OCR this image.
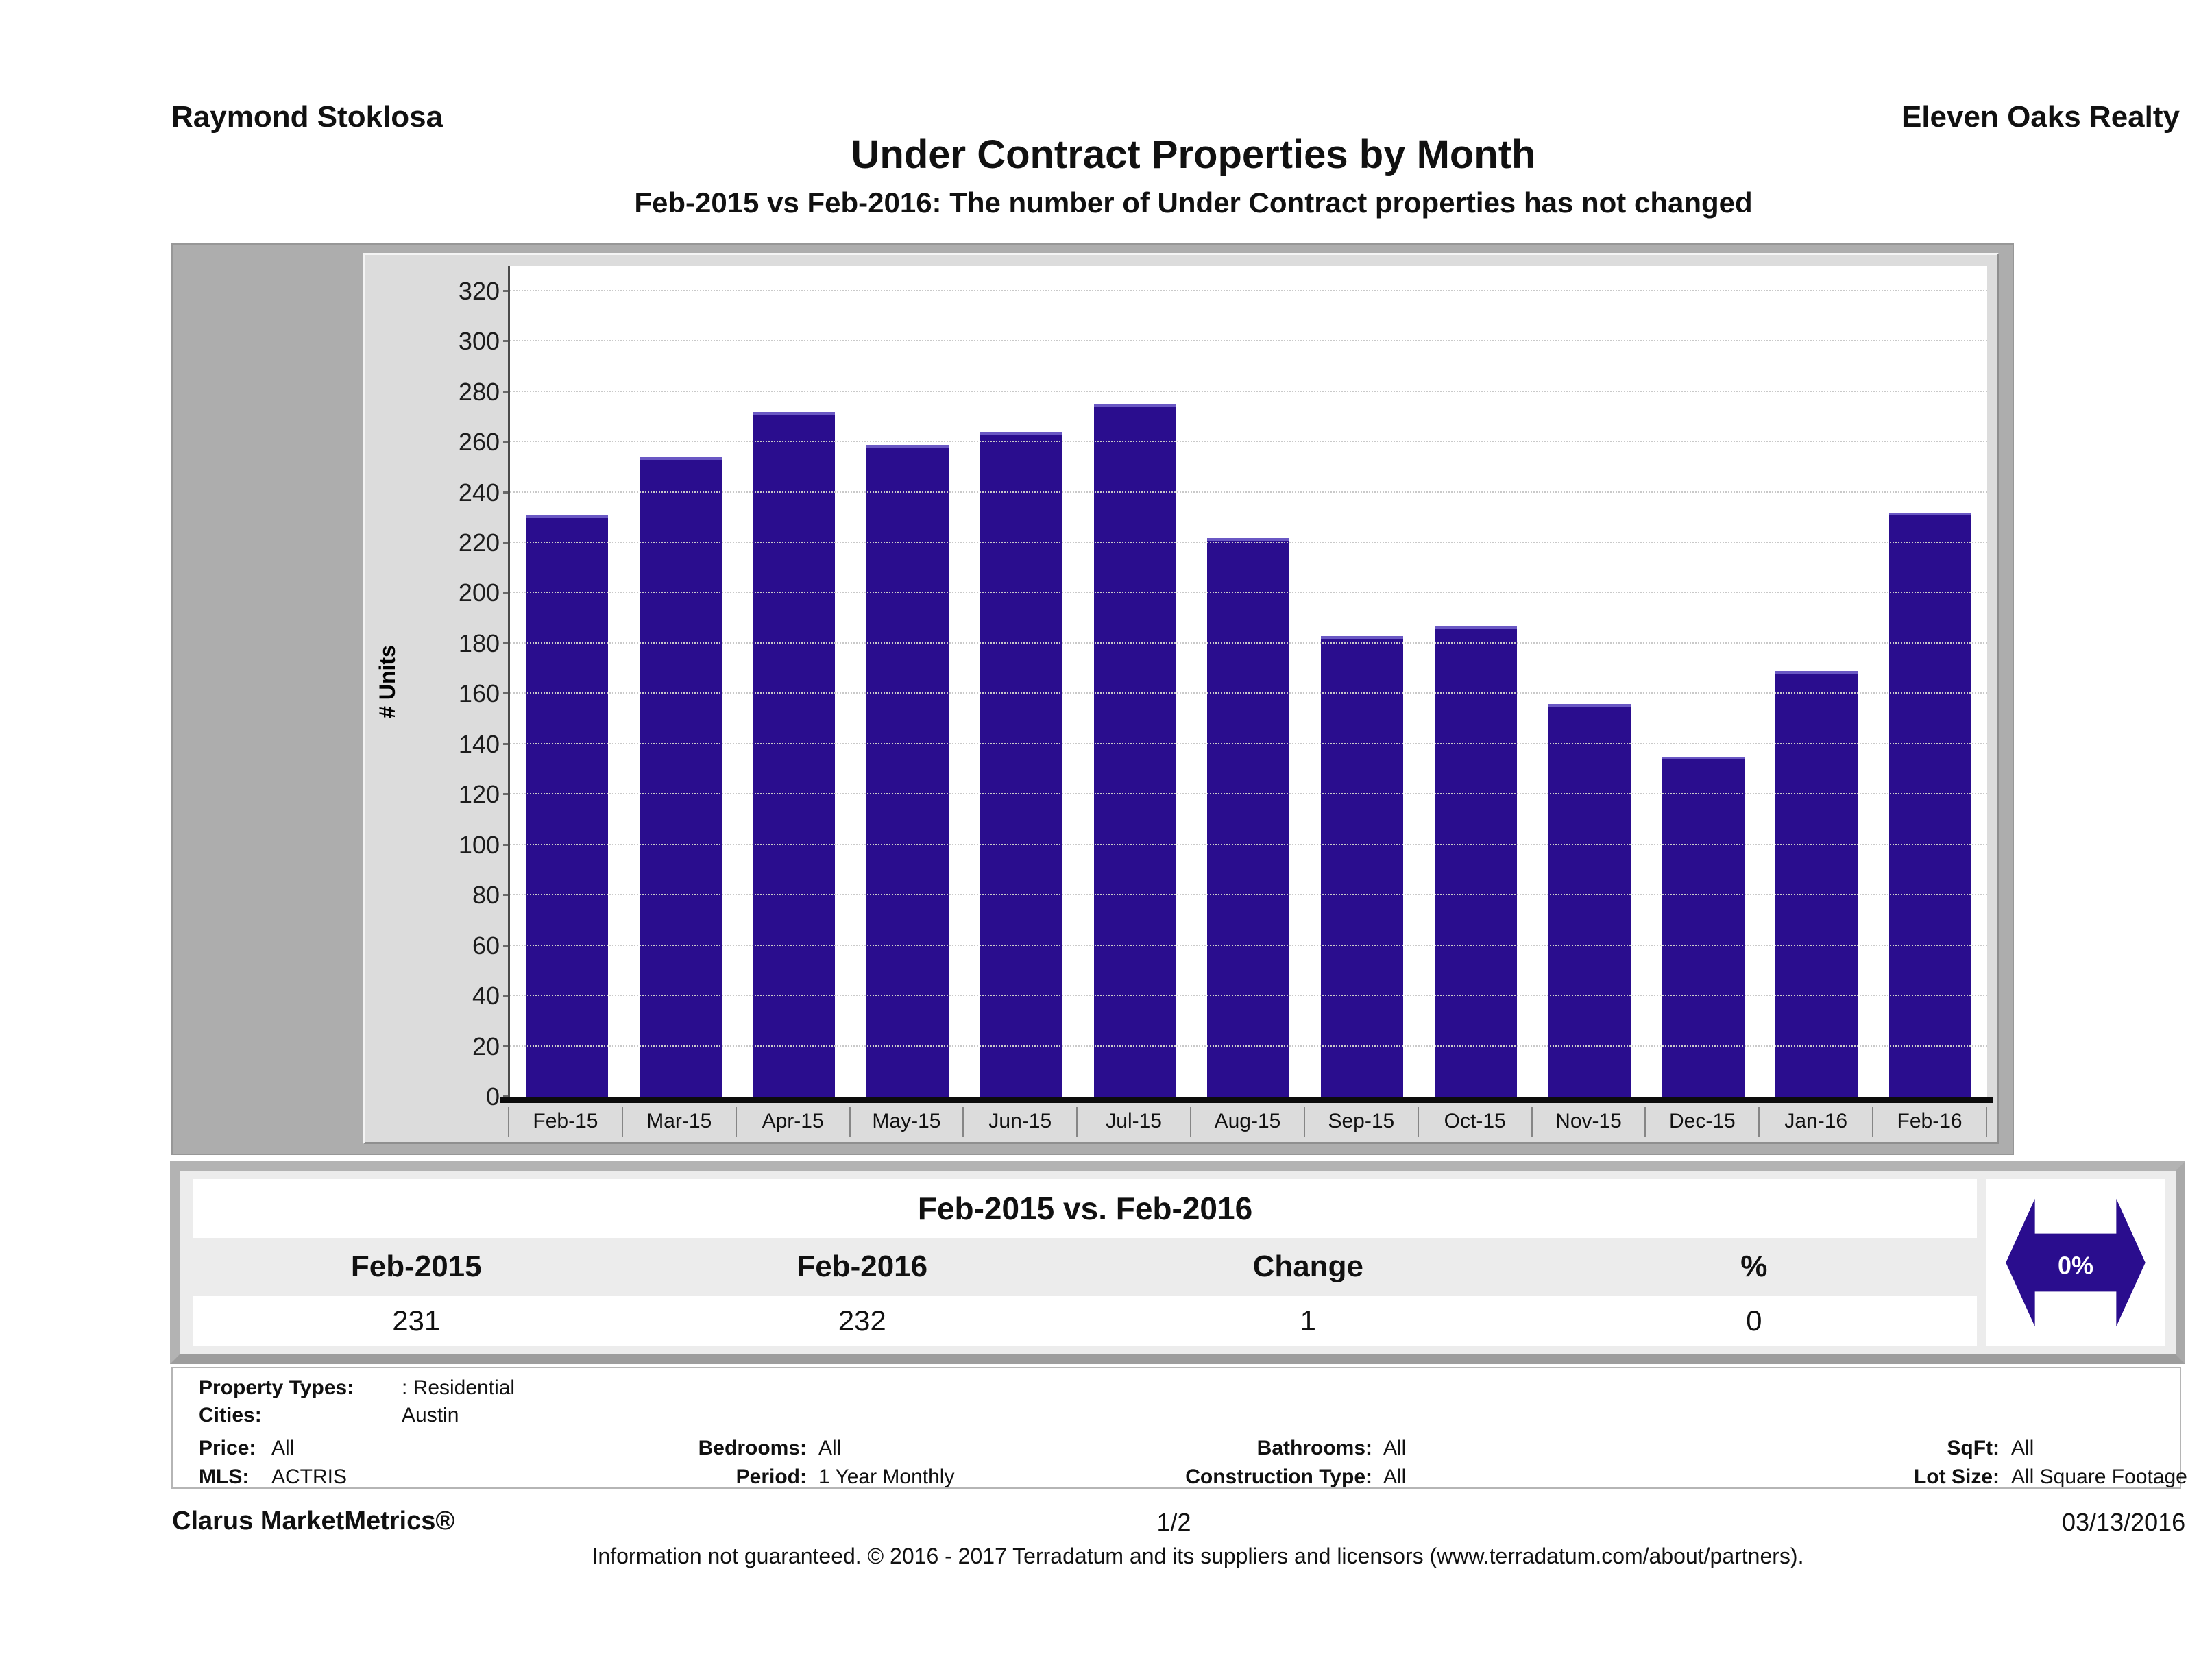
Raymond Stoklosa	Eleven Oaks Realty
Under Contract Properties by Month
Feb-2015 vs Feb-2016: The number of Under Contract properties has not changed
# Units
0
20
40
60
80
100
120
140
160
180
200
220
240
260
280
300
320
Feb-15	Mar-15	Apr-15	May-15	Jun-15	Jul-15	Aug-15	Sep-15	Oct-15	Nov-15	Dec-15	Jan-16	Feb-16
Feb-2015 vs. Feb-2016
Feb-2015	Feb-2016	Change	%
231	232	1	0
0%
Property Types: : Residential
Cities:	Austin
Price: All	Bedrooms: All	Bathrooms: All	SqFt: All
MLS: ACTRIS	Period: 1 Year Monthly	Construction Type: All	Lot Size: All Square Footage
Clarus MarketMetrics®	1/2	03/13/2016
Information not guaranteed. © 2016 - 2017 Terradatum and its suppliers and licensors (www.terradatum.com/about/partners).
